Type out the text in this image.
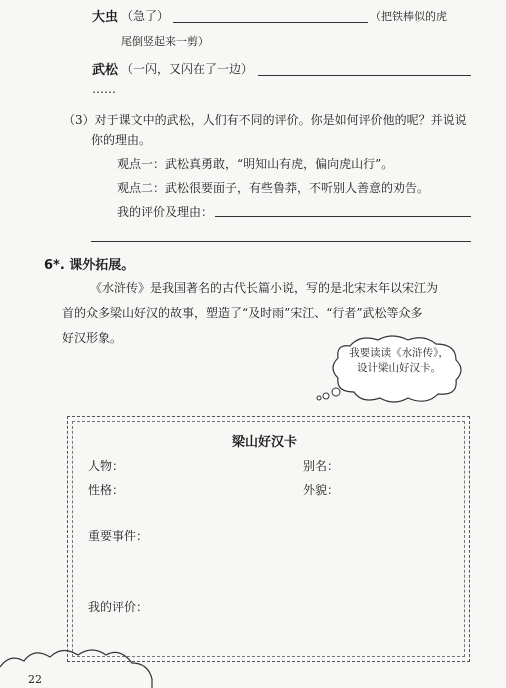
大虫 （急了）	（把铁棒似的虎
尾倒竖起来一剪）
武松 （一闪，又闪在了一边）
……
（3）对于课文中的武松，人们有不同的评价。你是如何评价他的呢？并说说
你的理由。
观点一：武松真勇敢，“明知山有虎，偏向虎山行”。
观点二：武松很要面子，有些鲁莽，不听别人善意的劝告。
我的评价及理由：
6*. 课外拓展。
《水浒传》是我国著名的古代长篇小说，写的是北宋末年以宋江为
首的众多梁山好汉的故事，塑造了“及时雨”宋江、“行者”武松等众多
好汉形象。
我要读读《水浒传》，设计梁山好汉卡。
梁山好汉卡
人物：	别名：
性格：	外貌：
重要事件：
我的评价：
22
